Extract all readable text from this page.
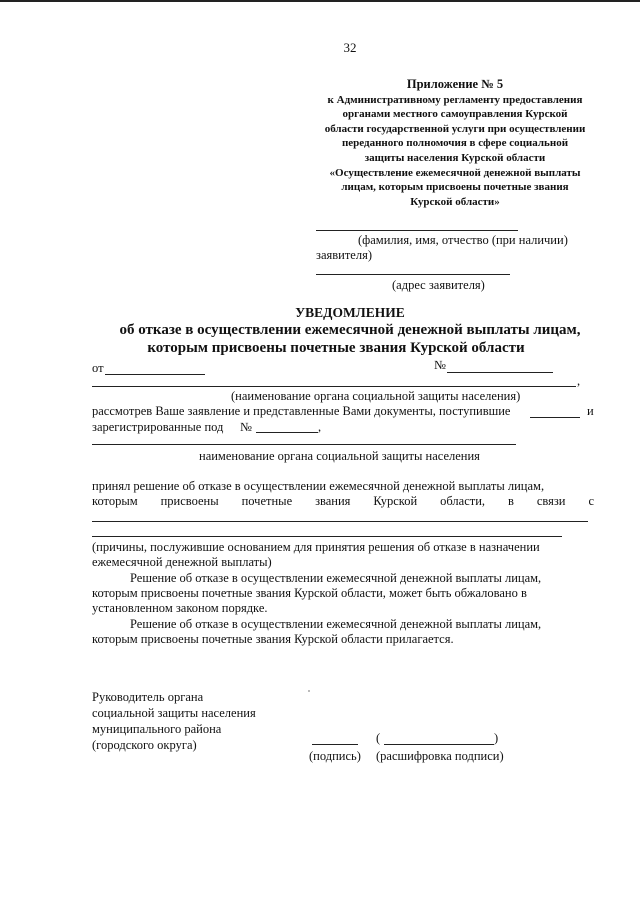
32
Приложение № 5
к Административному регламенту предоставления
органами местного самоуправления Курской
области государственной услуги при осуществлении
переданного полномочия в сфере социальной
защиты населения Курской области
«Осуществление ежемесячной денежной выплаты
лицам, которым присвоены почетные звания
Курской области»
(фамилия, имя, отчество (при наличии)
заявителя)
(адрес заявителя)
УВЕДОМЛЕНИЕ
об отказе в осуществлении ежемесячной денежной выплаты лицам,
которым присвоены почетные звания Курской области
от	№
,
(наименование органа социальной защиты населения)
рассмотрев Ваше заявление и представленные Вами документы, поступившие	и
зарегистрированные под №	,
наименование органа социальной защиты населения
принял решение об отказе в осуществлении ежемесячной денежной выплаты лицам,
которым присвоены почетные звания Курской области, в связи с
(причины, послужившие основанием для принятия решения об отказе в назначении
ежемесячной денежной выплаты)
Решение об отказе в осуществлении ежемесячной денежной выплаты лицам,
которым присвоены почетные звания Курской области, может быть обжаловано в
установленном законом порядке.
Решение об отказе в осуществлении ежемесячной денежной выплаты лицам,
которым присвоены почетные звания Курской области прилагается.
Руководитель органа
социальной защиты населения
муниципального района
(городского округа)	(	)
(подпись) (расшифровка подписи)
